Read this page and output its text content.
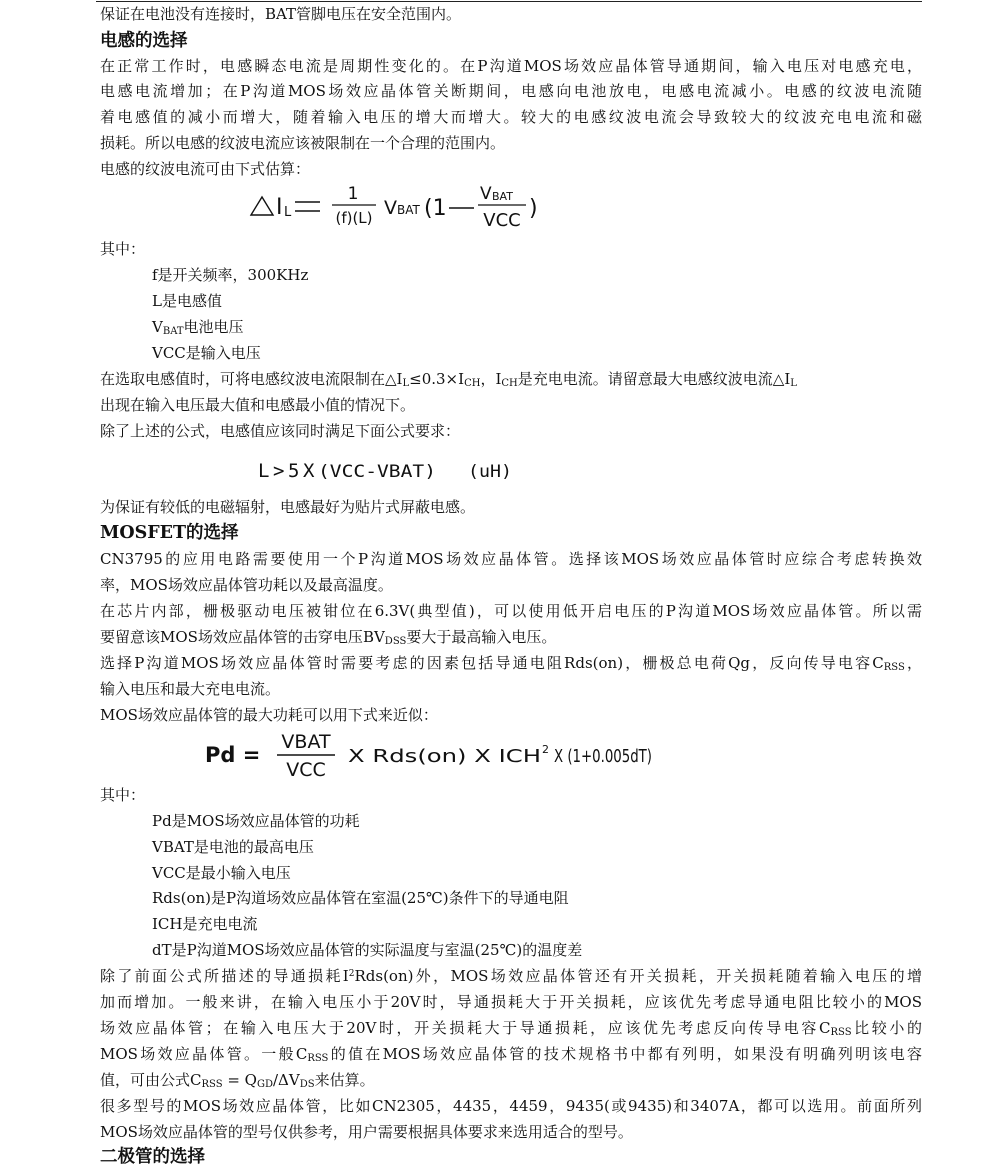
保证在电池没有连接时，BAT管脚电压在安全范围内。
电感的选择
在正常工作时，电感瞬态电流是周期性变化的。在P沟道MOS场效应晶体管导通期间，输入电压对电感充电，
电感电流增加；在P沟道MOS场效应晶体管关断期间，电感向电池放电，电感电流减小。电感的纹波电流随
着电感值的减小而增大，随着输入电压的增大而增大。较大的电感纹波电流会导致较大的纹波充电电流和磁
损耗。所以电感的纹波电流应该被限制在一个合理的范围内。
电感的纹波电流可由下式估算：
I L
1
(f)(L) V BAT (1
V BAT
VCC )
其中：
f是开关频率，300KHz
L是电感值
$V_{BAT}$电池电压
VCC是输入电压
在选取电感值时，可将电感纹波电流限制在$\triangle I_L\le 0.3\times I_{CH}$，$I_{CH}$是充电电流。请留意最大电感纹波电流$\triangle I_L$
出现在输入电压最大值和电感最小值的情况下。
除了上述的公式，电感值应该同时满足下面公式要求：
L > 5 X (VCC-VBAT) (uH)
为保证有较低的电磁辐射，电感最好为贴片式屏蔽电感。
MOSFET的选择
CN3795的应用电路需要使用一个P沟道MOS场效应晶体管。选择该MOS场效应晶体管时应综合考虑转换效
率，MOS场效应晶体管功耗以及最高温度。
在芯片内部，栅极驱动电压被钳位在6.3V(典型值)，可以使用低开启电压的P沟道MOS场效应晶体管。所以需
要留意该MOS场效应晶体管的击穿电压$BV_{DSS}$要大于最高输入电压。
选择P沟道MOS场效应晶体管时需要考虑的因素包括导通电阻Rds(on)，栅极总电荷Qg，反向传导电容$C_{RSS}$，
输入电压和最大充电电流。
MOS场效应晶体管的最大功耗可以用下式来近似：
Pd =
VBAT
VCC
X Rds(on) X ICH 2 X (1+0.005dT)
其中：
Pd是MOS场效应晶体管的功耗
VBAT是电池的最高电压
VCC是最小输入电压
Rds(on)是P沟道场效应晶体管在室温(25℃)条件下的导通电阻
ICH是充电电流
dT是P沟道MOS场效应晶体管的实际温度与室温(25℃)的温度差
除了前面公式所描述的导通损耗$I^2Rds(on)$外，MOS场效应晶体管还有开关损耗，开关损耗随着输入电压的增
加而增加。一般来讲，在输入电压小于20V时，导通损耗大于开关损耗，应该优先考虑导通电阻比较小的MOS
场效应晶体管；在输入电压大于20V时，开关损耗大于导通损耗，应该优先考虑反向传导电容$C_{RSS}$比较小的
MOS场效应晶体管。一般$C_{RSS}$的值在MOS场效应晶体管的技术规格书中都有列明，如果没有明确列明该电容
值，可由公式$C_{RSS} = Q_{GD}/\Delta V_{DS}$来估算。
很多型号的MOS场效应晶体管，比如CN2305，4435，4459，9435(或9435)和3407A，都可以选用。前面所列
MOS场效应晶体管的型号仅供参考，用户需要根据具体要求来选用适合的型号。
二极管的选择
